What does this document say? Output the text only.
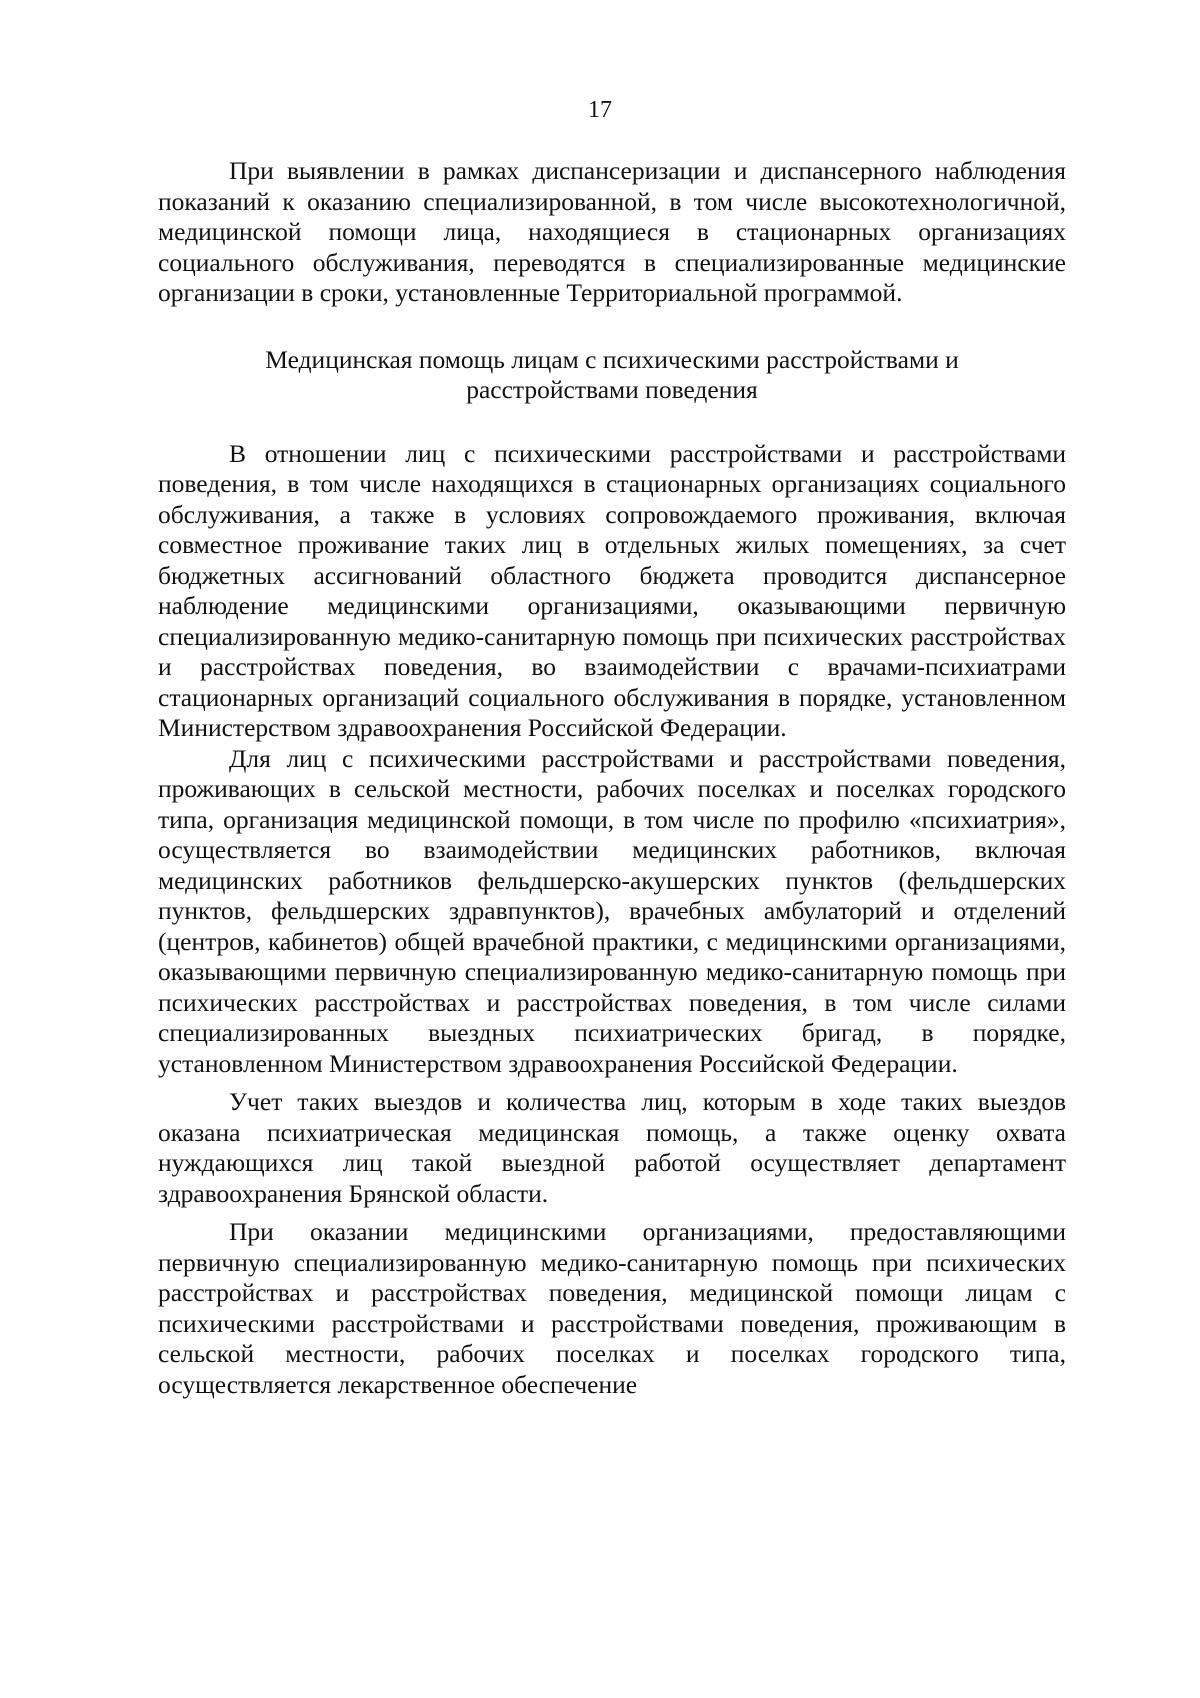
17

При выявлении в рамках диспансеризации и диспансерного наблюдения показаний к оказанию специализированной, в том числе высокотехнологичной, медицинской помощи лица, находящиеся в стационарных организациях социального обслуживания, переводятся в специализированные медицинские организации в сроки, установленные Территориальной программой.

Медицинская помощь лицам с психическими расстройствами и
расстройствами поведения

В отношении лиц с психическими расстройствами и расстройствами поведения, в том числе находящихся в стационарных организациях социального обслуживания, а также в условиях сопровождаемого проживания, включая совместное проживание таких лиц в отдельных жилых помещениях, за счет бюджетных ассигнований областного бюджета проводится диспансерное наблюдение медицинскими организациями, оказывающими первичную специализированную медико-санитарную помощь при психических расстройствах и расстройствах поведения, во взаимодействии с врачами-психиатрами стационарных организаций социального обслуживания в порядке, установленном Министерством здравоохранения Российской Федерации.

Для лиц с психическими расстройствами и расстройствами поведения, проживающих в сельской местности, рабочих поселках и поселках городского типа, организация медицинской помощи, в том числе по профилю «психиатрия», осуществляется во взаимодействии медицинских работников, включая медицинских работников фельдшерско-акушерских пунктов (фельдшерских пунктов, фельдшерских здравпунктов), врачебных амбулаторий и отделений (центров, кабинетов) общей врачебной практики, с медицинскими организациями, оказывающими первичную специализированную медико-санитарную помощь при психических расстройствах и расстройствах поведения, в том числе силами специализированных выездных психиатрических бригад, в порядке, установленном Министерством здравоохранения Российской Федерации.

Учет таких выездов и количества лиц, которым в ходе таких выездов оказана психиатрическая медицинская помощь, а также оценку охвата нуждающихся лиц такой выездной работой осуществляет департамент здравоохранения Брянской области.

При оказании медицинскими организациями, предоставляющими первичную специализированную медико-санитарную помощь при психических расстройствах и расстройствах поведения, медицинской помощи лицам с психическими расстройствами и расстройствами поведения, проживающим в сельской местности, рабочих поселках и поселках городского типа, осуществляется лекарственное обеспечение
